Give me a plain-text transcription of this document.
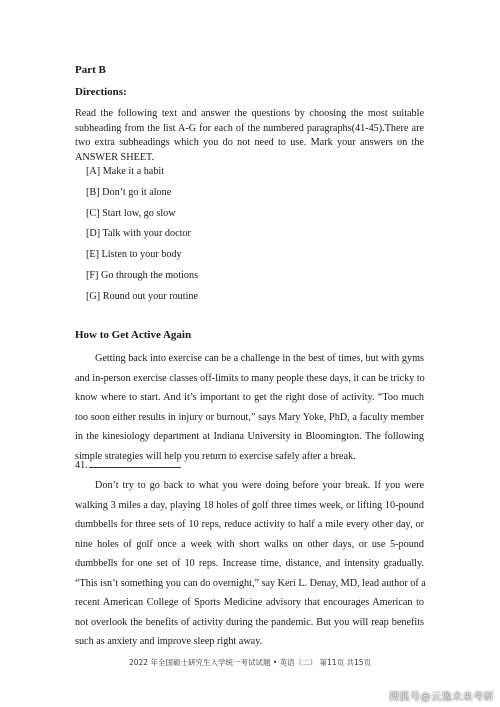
Part B
Directions:
Read the following text and answer the questions by choosing the most suitable subheading from the list A-G for each of the numbered paragraphs(41-45).There are two extra subheadings which you do not need to use. Mark your answers on the ANSWER SHEET.
[A] Make it a habit
[B] Don’t go it alone
[C] Start low, go slow
[D] Talk with your doctor
[E] Listen to your body
[F] Go through the motions
[G] Round out your routine
How to Get Active Again
Getting back into exercise can be a challenge in the best of times, but with gyms
and in-person exercise classes off-limits to many people these days, it can be tricky to
know where to start. And it’s important to get the right dose of activity. “Too much
too soon either results in injury or burnout,” says Mary Yoke, PhD, a faculty member
in the kinesiology department at Indiana University in Bloomington. The following
simple strategies will help you return to exercise safely after a break.
41.
Don’t try to go back to what you were doing before your break. If you were
walking 3 miles a day, playing 18 holes of golf three times week, or lifting 10-pound
dumbbells for three sets of 10 reps, reduce activity to half a mile every other day, or
nine holes of golf once a week with short walks on other days, or use 5-pound
dumbbells for one set of 10 reps. Increase time, distance, and intensity gradually.
“This isn’t something you can do overnight,” say Keri L. Denay, MD, lead author of a
recent American College of Sports Medicine advisory that encourages American to
not overlook the benefits of activity during the pandemic. But you will reap benefits
such as anxiety and improve sleep right away.
2022 年全国硕士研究生入学统一考试试题 • 英语（二） 第11页 共15页
搜狐号@云逸未来考研
